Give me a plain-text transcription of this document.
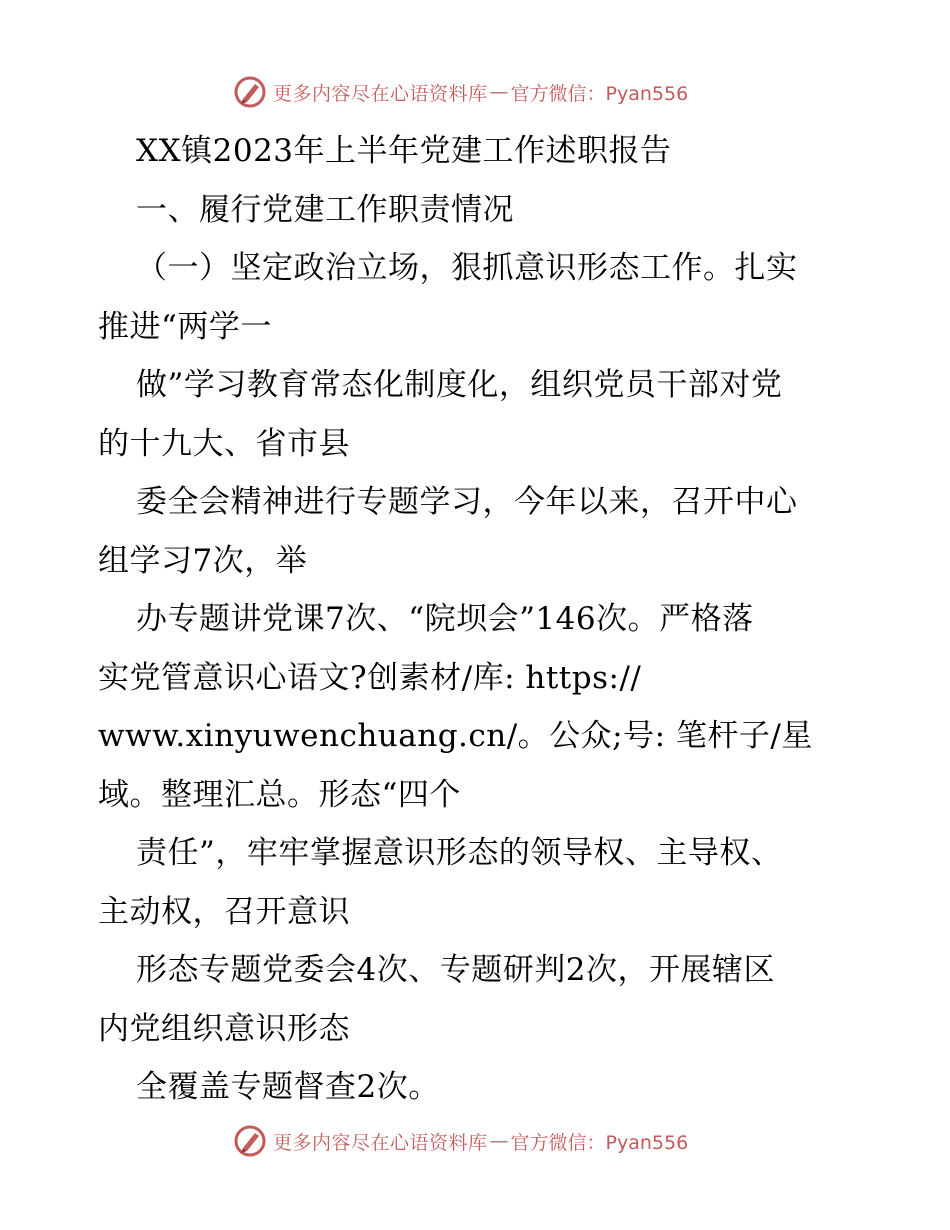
更多内容尽在心语资料库 — 官方微信：Pyan556
XX镇2023年上半年党建工作述职报告
一、履行党建工作职责情况
（一）坚定政治立场，狠抓意识形态工作。扎实
推进“两学一
做”学习教育常态化制度化，组织党员干部对党
的十九大、省市县
委全会精神进行专题学习，今年以来，召开中心
组学习7次，举
办专题讲党课7次、“院坝会”146次。严格落
实党管意识心语文?创素材/库: https://
www.xinyuwenchuang.cn/。公众;号: 笔杆子/星
域。整理汇总。形态“四个
责任”，牢牢掌握意识形态的领导权、主导权、
主动权，召开意识
形态专题党委会4次、专题研判2次，开展辖区
内党组织意识形态
全覆盖专题督查2次。
更多内容尽在心语资料库 — 官方微信：Pyan556
